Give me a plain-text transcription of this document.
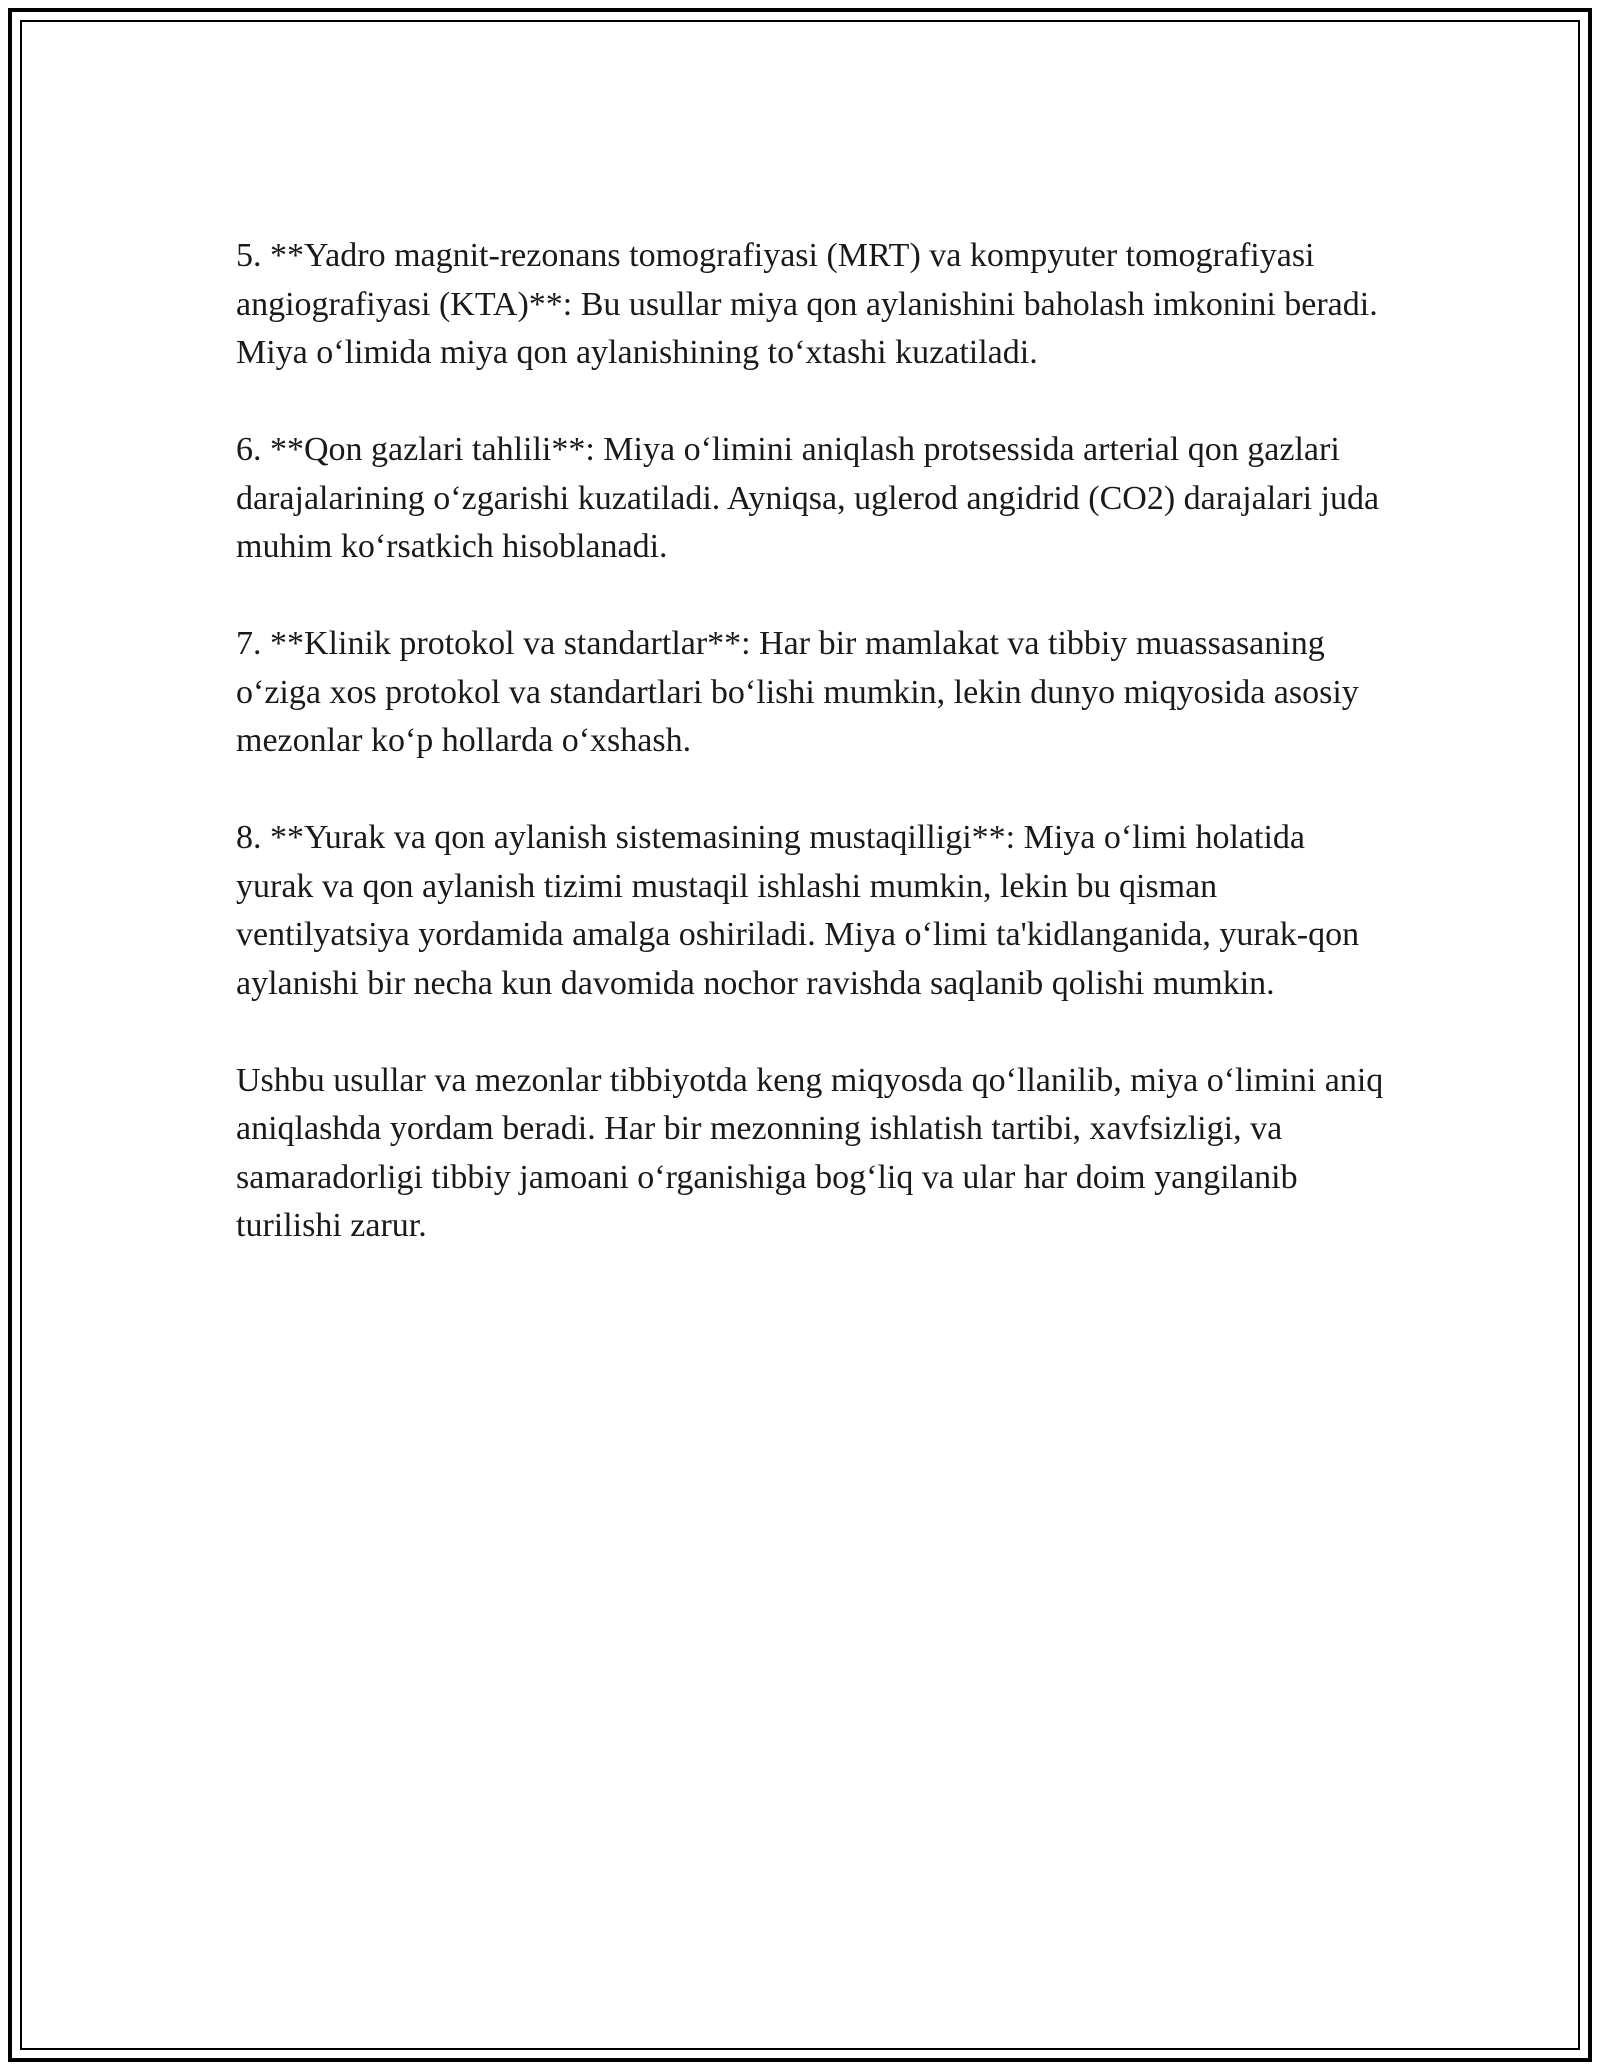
5. **Yadro magnit-rezonans tomografiyasi (MRT) va kompyuter tomografiyasi angiografiyasi (KTA)**: Bu usullar miya qon aylanishini baholash imkonini beradi. Miya o‘limida miya qon aylanishining to‘xtashi kuzatiladi.

6. **Qon gazlari tahlili**: Miya o‘limini aniqlash protsessida arterial qon gazlari darajalarining o‘zgarishi kuzatiladi. Ayniqsa, uglerod angidrid (CO2) darajalari juda muhim ko‘rsatkich hisoblanadi.

7. **Klinik protokol va standartlar**: Har bir mamlakat va tibbiy muassasaning o‘ziga xos protokol va standartlari bo‘lishi mumkin, lekin dunyo miqyosida asosiy mezonlar ko‘p hollarda o‘xshash.

8. **Yurak va qon aylanish sistemasining mustaqilligi**: Miya o‘limi holatida yurak va qon aylanish tizimi mustaqil ishlashi mumkin, lekin bu qisman ventilyatsiya yordamida amalga oshiriladi. Miya o‘limi ta'kidlanganida, yurak-qon aylanishi bir necha kun davomida nochor ravishda saqlanib qolishi mumkin.

Ushbu usullar va mezonlar tibbiyotda keng miqyosda qo‘llanilib, miya o‘limini aniq aniqlashda yordam beradi. Har bir mezonning ishlatish tartibi, xavfsizligi, va samaradorligi tibbiy jamoani o‘rganishiga bog‘liq va ular har doim yangilanib turilishi zarur.
